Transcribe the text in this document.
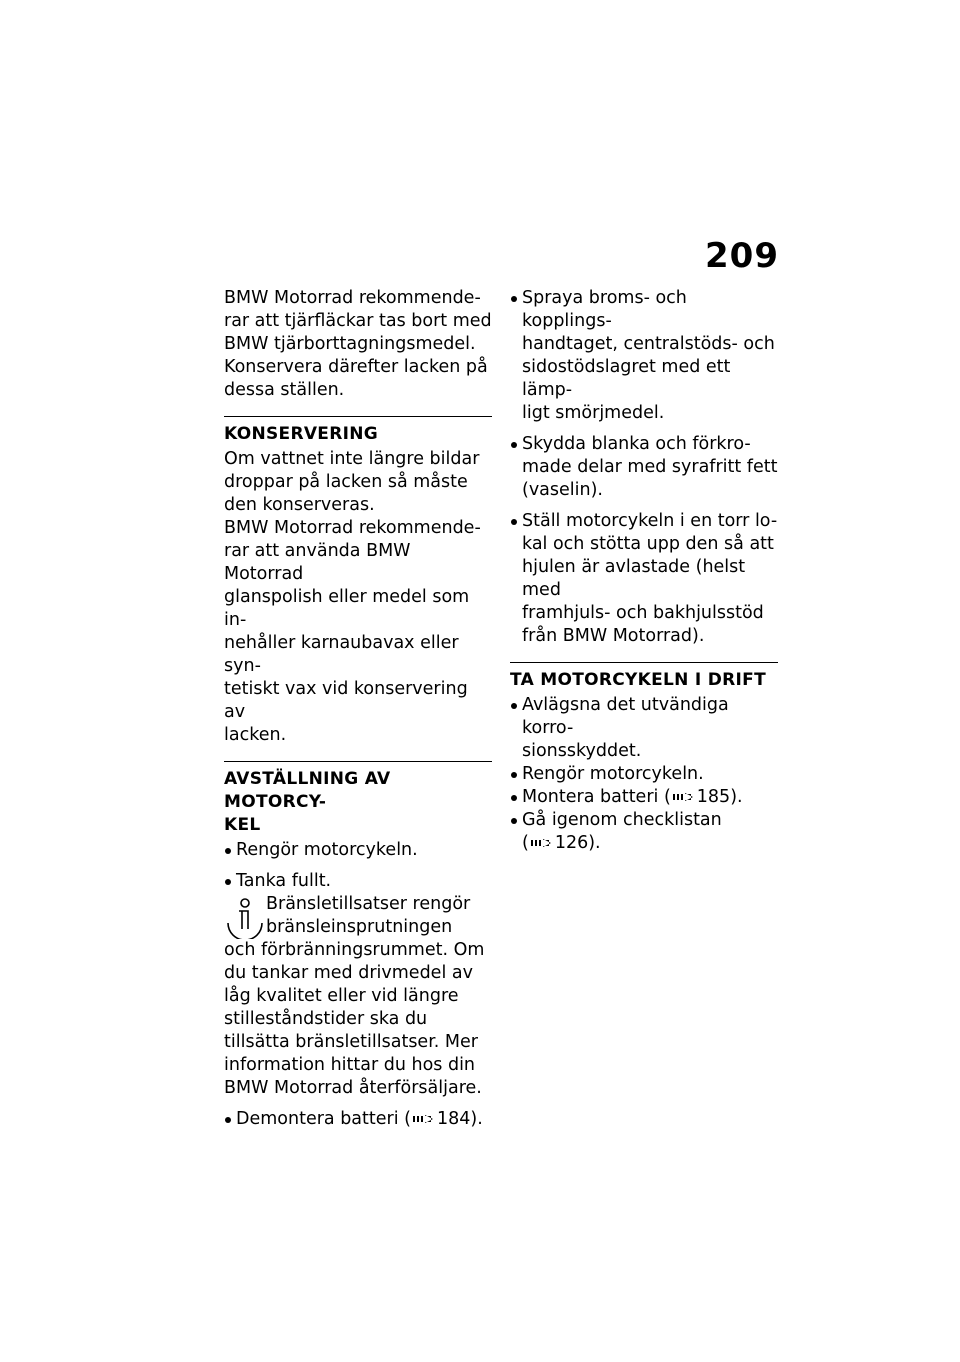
209

BMW Motorrad rekommende-
rar att tjärfläckar tas bort med
BMW tjärborttagningsmedel.
Konservera därefter lacken på
dessa ställen.

KONSERVERING

Om vattnet inte längre bildar
droppar på lacken så måste
den konserveras.

BMW Motorrad rekommende-
rar att använda BMW Motorrad
glanspolish eller medel som in-
nehåller karnaubavax eller syn-
tetiskt vax vid konservering av
lacken.

AVSTÄLLNING AV MOTORCY-
KEL

Rengör motorcykeln.

Tanka fullt.

Bränsletillsatser rengör
bränsleinsprutningen

och förbränningsrummet. Om
du tankar med drivmedel av
låg kvalitet eller vid längre
stilleståndstider ska du
tillsätta bränsletillsatser. Mer
information hittar du hos din
BMW Motorrad återförsäljare.

Demontera batteri ( 184).

Spraya broms- och kopplings-
handtaget, centralstöds- och
sidostödslagret med ett lämp-
ligt smörjmedel.

Skydda blanka och förkro-
made delar med syrafritt fett
(vaselin).

Ställ motorcykeln i en torr lo-
kal och stötta upp den så att
hjulen är avlastade (helst med
framhjuls- och bakhjulsstöd
från BMW Motorrad).

TA MOTORCYKELN I DRIFT

Avlägsna det utvändiga korro-
sionsskyddet.

Rengör motorcykeln.

Montera batteri ( 185).

Gå igenom checklistan
( 126).
